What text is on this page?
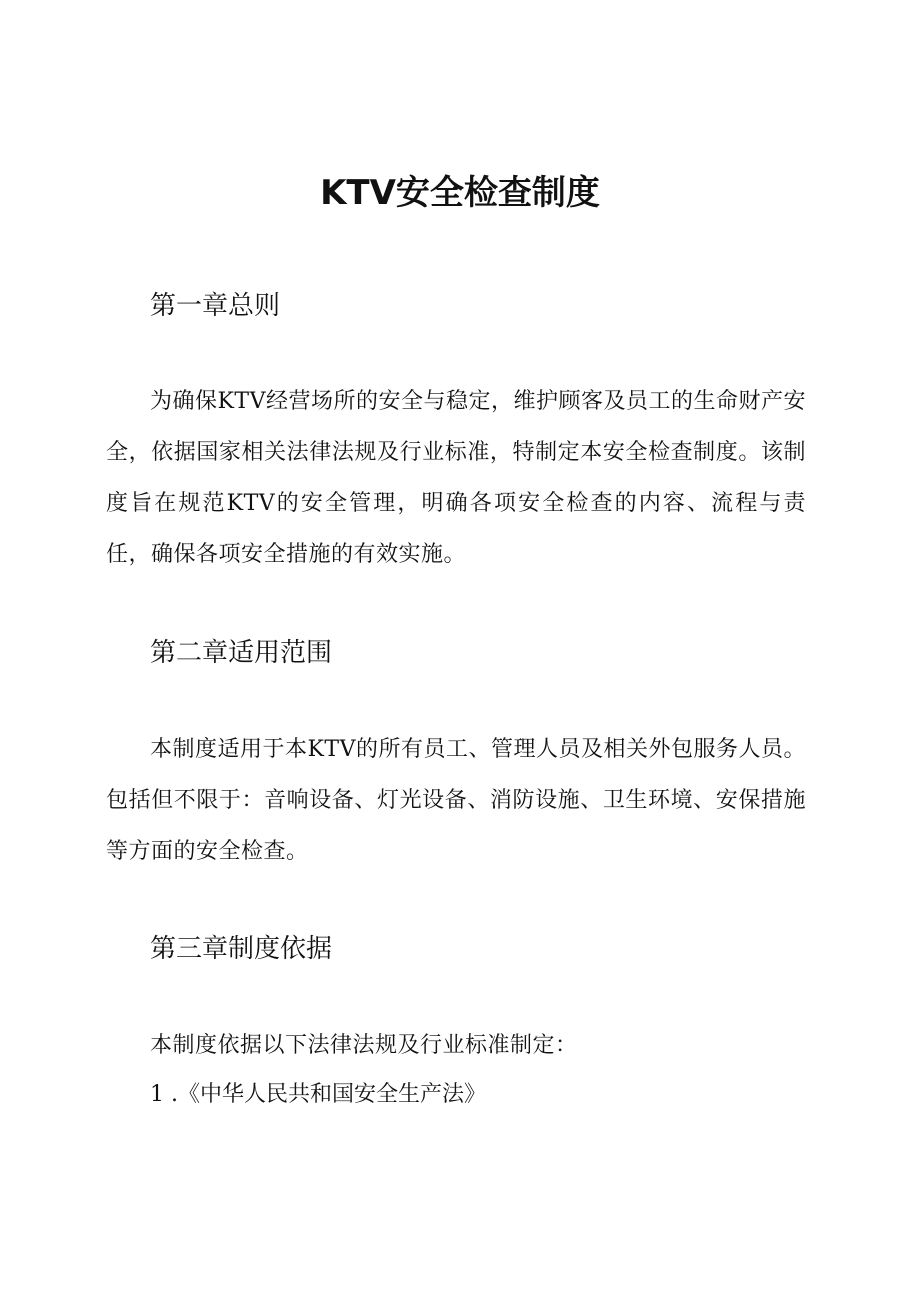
KTV安全检查制度
第一章总则

为确保KTV经营场所的安全与稳定，维护顾客及员工的生命财产安全，依据国家相关法律法规及行业标准，特制定本安全检查制度。该制度旨在规范KTV的安全管理，明确各项安全检查的内容、流程与责任，确保各项安全措施的有效实施。

第二章适用范围

本制度适用于本KTV的所有员工、管理人员及相关外包服务人员。包括但不限于：音响设备、灯光设备、消防设施、卫生环境、安保措施等方面的安全检查。

第三章制度依据

本制度依据以下法律法规及行业标准制定：

1 .《中华人民共和国安全生产法》
